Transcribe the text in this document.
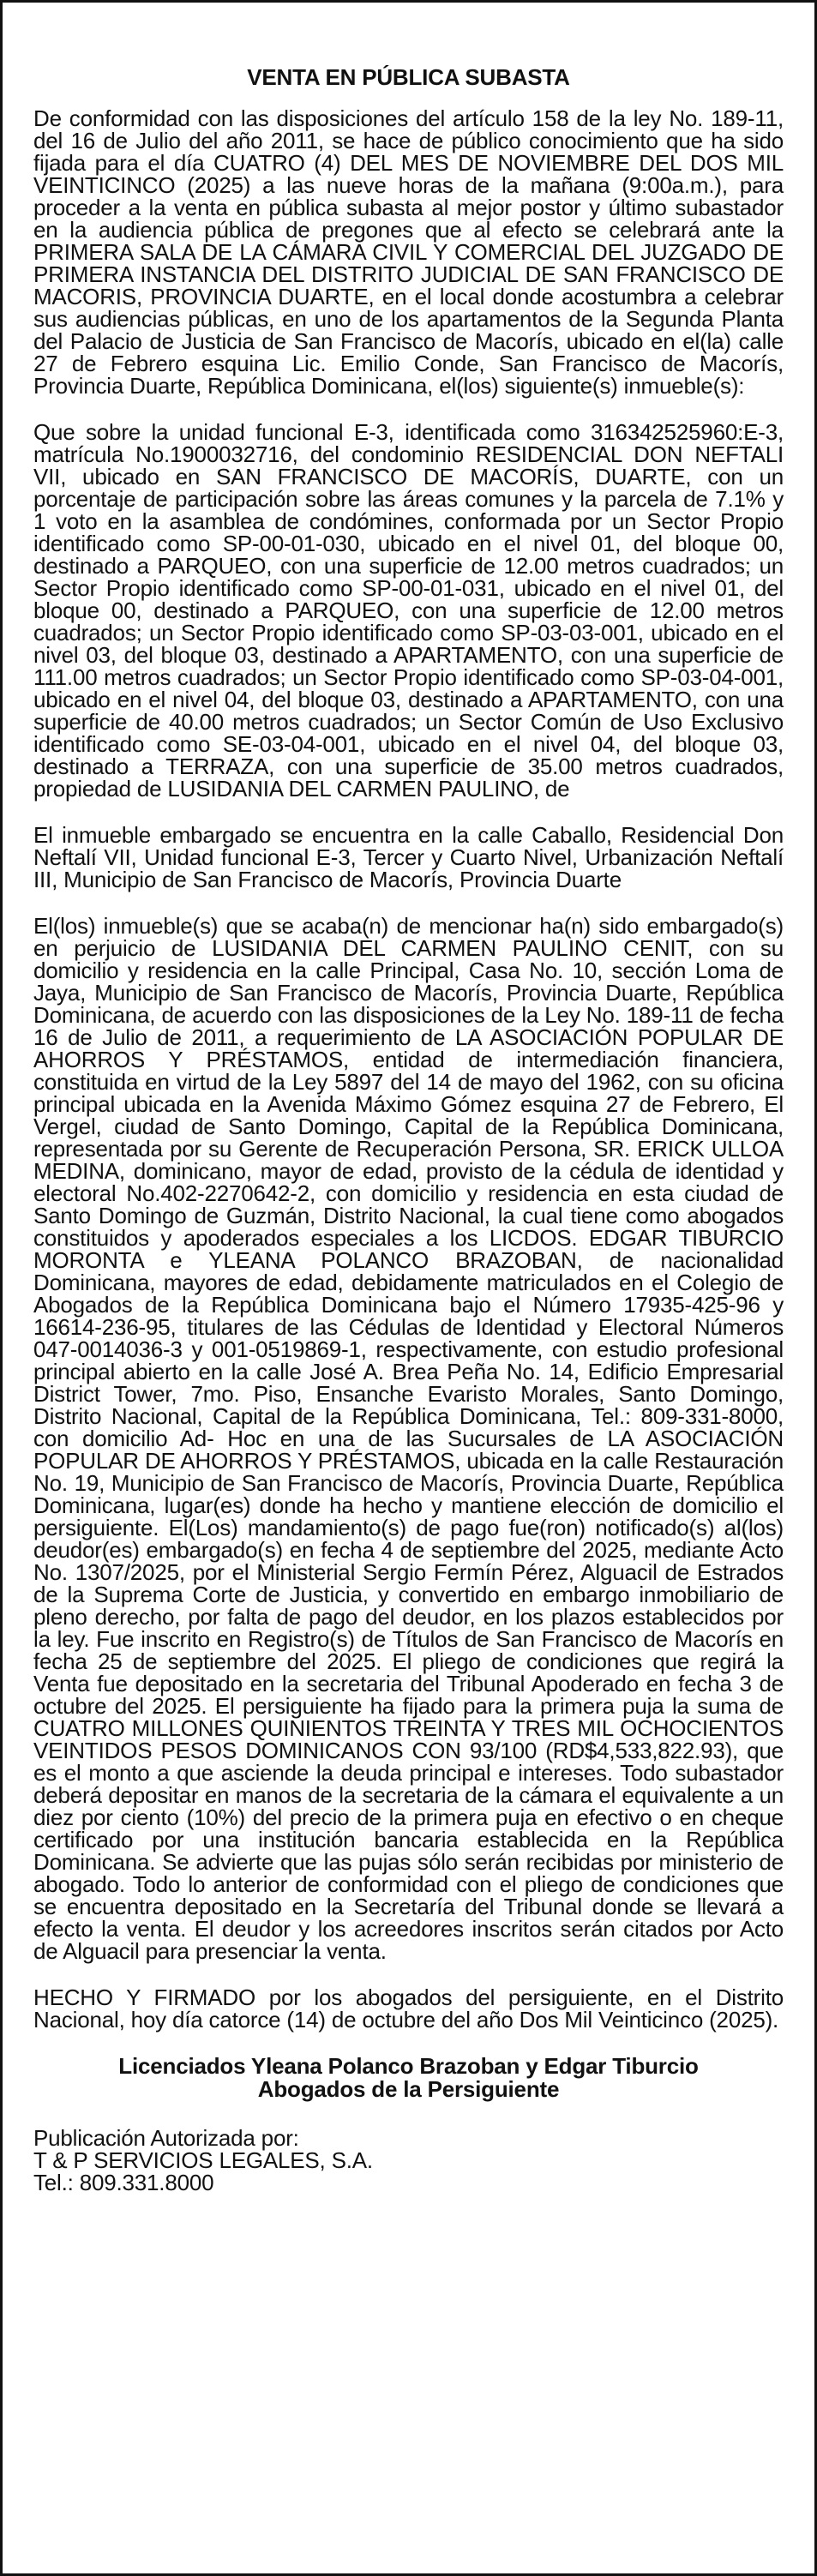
VENTA EN PÚBLICA SUBASTA

De conformidad con las disposiciones del artículo 158 de la ley No. 189-11, del 16 de Julio del año 2011, se hace de público conocimiento que ha sido fijada para el día CUATRO (4) DEL MES DE NOVIEMBRE DEL DOS MIL VEINTICINCO (2025) a las nueve horas de la mañana (9:00a.m.), para proceder a la venta en pública subasta al mejor postor y último subastador en la audiencia pública de pregones que al efecto se celebrará ante la PRIMERA SALA DE LA CÁMARA CIVIL Y COMERCIAL DEL JUZGADO DE PRIMERA INSTANCIA DEL DISTRITO JUDICIAL DE SAN FRANCISCO DE MACORIS, PROVINCIA DUARTE, en el local donde acostumbra a celebrar sus audiencias públicas, en uno de los apartamentos de la Segunda Planta del Palacio de Justicia de San Francisco de Macorís, ubicado en el(la) calle 27 de Febrero esquina Lic. Emilio Conde, San Francisco de Macorís, Provincia Duarte, República Dominicana, el(los) siguiente(s) inmueble(s):

Que sobre la unidad funcional E-3, identificada como 316342525960:E-3, matrícula No.1900032716, del condominio RESIDENCIAL DON NEFTALI VII, ubicado en SAN FRANCISCO DE MACORÍS, DUARTE, con un porcentaje de participación sobre las áreas comunes y la parcela de 7.1% y 1 voto en la asamblea de condómines, conformada por un Sector Propio identificado como SP-00-01-030, ubicado en el nivel 01, del bloque 00, destinado a PARQUEO, con una superficie de 12.00 metros cuadrados; un Sector Propio identificado como SP-00-01-031, ubicado en el nivel 01, del bloque 00, destinado a PARQUEO, con una superficie de 12.00 metros cuadrados; un Sector Propio identificado como SP-03-03-001, ubicado en el nivel 03, del bloque 03, destinado a APARTAMENTO, con una superficie de 111.00 metros cuadrados; un Sector Propio identificado como SP-03-04-001, ubicado en el nivel 04, del bloque 03, destinado a APARTAMENTO, con una superficie de 40.00 metros cuadrados; un Sector Común de Uso Exclusivo identificado como SE-03-04-001, ubicado en el nivel 04, del bloque 03, destinado a TERRAZA, con una superficie de 35.00 metros cuadrados, propiedad de LUSIDANIA DEL CARMEN PAULINO, de

El inmueble embargado se encuentra en la calle Caballo, Residencial Don Neftalí VII, Unidad funcional E-3, Tercer y Cuarto Nivel, Urbanización Neftalí III, Municipio de San Francisco de Macorís, Provincia Duarte

El(los) inmueble(s) que se acaba(n) de mencionar ha(n) sido embargado(s) en perjuicio de LUSIDANIA DEL CARMEN PAULINO CENIT, con su domicilio y residencia en la calle Principal, Casa No. 10, sección Loma de Jaya, Municipio de San Francisco de Macorís, Provincia Duarte, República Dominicana, de acuerdo con las disposiciones de la Ley No. 189-11 de fecha 16 de Julio de 2011, a requerimiento de LA ASOCIACIÓN POPULAR DE AHORROS Y PRÉSTAMOS, entidad de intermediación financiera, constituida en virtud de la Ley 5897 del 14 de mayo del 1962, con su oficina principal ubicada en la Avenida Máximo Gómez esquina 27 de Febrero, El Vergel, ciudad de Santo Domingo, Capital de la República Dominicana, representada por su Gerente de Recuperación Persona, SR. ERICK ULLOA MEDINA, dominicano, mayor de edad, provisto de la cédula de identidad y electoral No.402-2270642-2, con domicilio y residencia en esta ciudad de Santo Domingo de Guzmán, Distrito Nacional, la cual tiene como abogados constituidos y apoderados especiales a los LICDOS. EDGAR TIBURCIO MORONTA e YLEANA POLANCO BRAZOBAN, de nacionalidad Dominicana, mayores de edad, debidamente matriculados en el Colegio de Abogados de la República Dominicana bajo el Número 17935-425-96 y 16614-236-95, titulares de las Cédulas de Identidad y Electoral Números 047-0014036-3 y 001-0519869-1, respectivamente, con estudio profesional principal abierto en la calle José A. Brea Peña No. 14, Edificio Empresarial District Tower, 7mo. Piso, Ensanche Evaristo Morales, Santo Domingo, Distrito Nacional, Capital de la República Dominicana, Tel.: 809-331-8000, con domicilio Ad- Hoc en una de las Sucursales de LA ASOCIACIÓN POPULAR DE AHORROS Y PRÉSTAMOS, ubicada en la calle Restauración No. 19, Municipio de San Francisco de Macorís, Provincia Duarte, República Dominicana, lugar(es) donde ha hecho y mantiene elección de domicilio el persiguiente. El(Los) mandamiento(s) de pago fue(ron) notificado(s) al(los) deudor(es) embargado(s) en fecha 4 de septiembre del 2025, mediante Acto No. 1307/2025, por el Ministerial Sergio Fermín Pérez, Alguacil de Estrados de la Suprema Corte de Justicia, y convertido en embargo inmobiliario de pleno derecho, por falta de pago del deudor, en los plazos establecidos por la ley. Fue inscrito en Registro(s) de Títulos de San Francisco de Macorís en fecha 25 de septiembre del 2025. El pliego de condiciones que regirá la Venta fue depositado en la secretaria del Tribunal Apoderado en fecha 3 de octubre del 2025. El persiguiente ha fijado para la primera puja la suma de CUATRO MILLONES QUINIENTOS TREINTA Y TRES MIL OCHOCIENTOS VEINTIDOS PESOS DOMINICANOS CON 93/100 (RD$4,533,822.93), que es el monto a que asciende la deuda principal e intereses. Todo subastador deberá depositar en manos de la secretaria de la cámara el equivalente a un diez por ciento (10%) del precio de la primera puja en efectivo o en cheque certificado por una institución bancaria establecida en la República Dominicana. Se advierte que las pujas sólo serán recibidas por ministerio de abogado. Todo lo anterior de conformidad con el pliego de condiciones que se encuentra depositado en la Secretaría del Tribunal donde se llevará a efecto la venta. El deudor y los acreedores inscritos serán citados por Acto de Alguacil para presenciar la venta.

HECHO Y FIRMADO por los abogados del persiguiente, en el Distrito Nacional, hoy día catorce (14) de octubre del año Dos Mil Veinticinco (2025).

Licenciados Yleana Polanco Brazoban y Edgar Tiburcio
Abogados de la Persiguiente

Publicación Autorizada por:

T & P SERVICIOS LEGALES, S.A.

Tel.: 809.331.8000
